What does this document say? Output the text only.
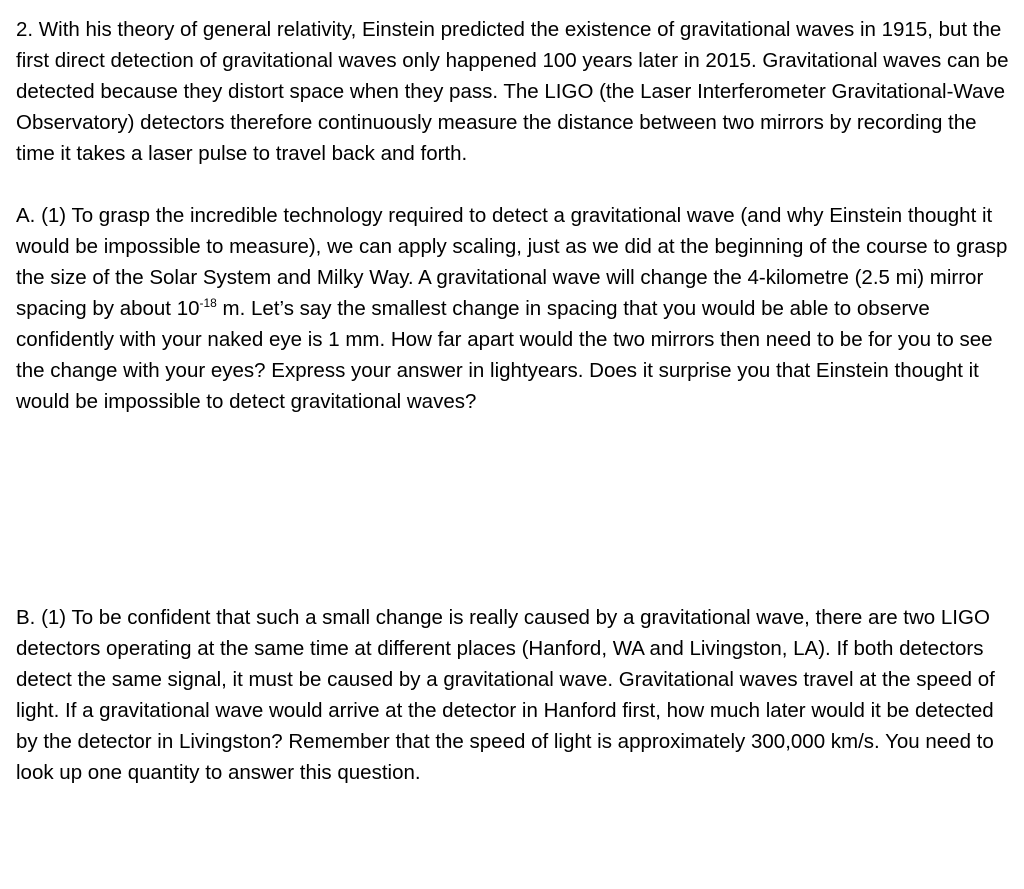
2. With his theory of general relativity, Einstein predicted the existence of gravitational waves in 1915, but the first direct detection of gravitational waves only happened 100 years later in 2015. Gravitational waves can be detected because they distort space when they pass. The LIGO (the Laser Interferometer Gravitational-Wave Observatory) detectors therefore continuously measure the distance between two mirrors by recording the time it takes a laser pulse to travel back and forth.

A. (1) To grasp the incredible technology required to detect a gravitational wave (and why Einstein thought it would be impossible to measure), we can apply scaling, just as we did at the beginning of the course to grasp the size of the Solar System and Milky Way. A gravitational wave will change the 4-kilometre (2.5 mi) mirror spacing by about $10^{-18}$ m. Let’s say the smallest change in spacing that you would be able to observe confidently with your naked eye is 1 mm. How far apart would the two mirrors then need to be for you to see the change with your eyes? Express your answer in lightyears. Does it surprise you that Einstein thought it would be impossible to detect gravitational waves?

B. (1) To be confident that such a small change is really caused by a gravitational wave, there are two LIGO detectors operating at the same time at different places (Hanford, WA and Livingston, LA). If both detectors detect the same signal, it must be caused by a gravitational wave. Gravitational waves travel at the speed of light. If a gravitational wave would arrive at the detector in Hanford first, how much later would it be detected by the detector in Livingston? Remember that the speed of light is approximately 300,000 km/s. You need to look up one quantity to answer this question.
